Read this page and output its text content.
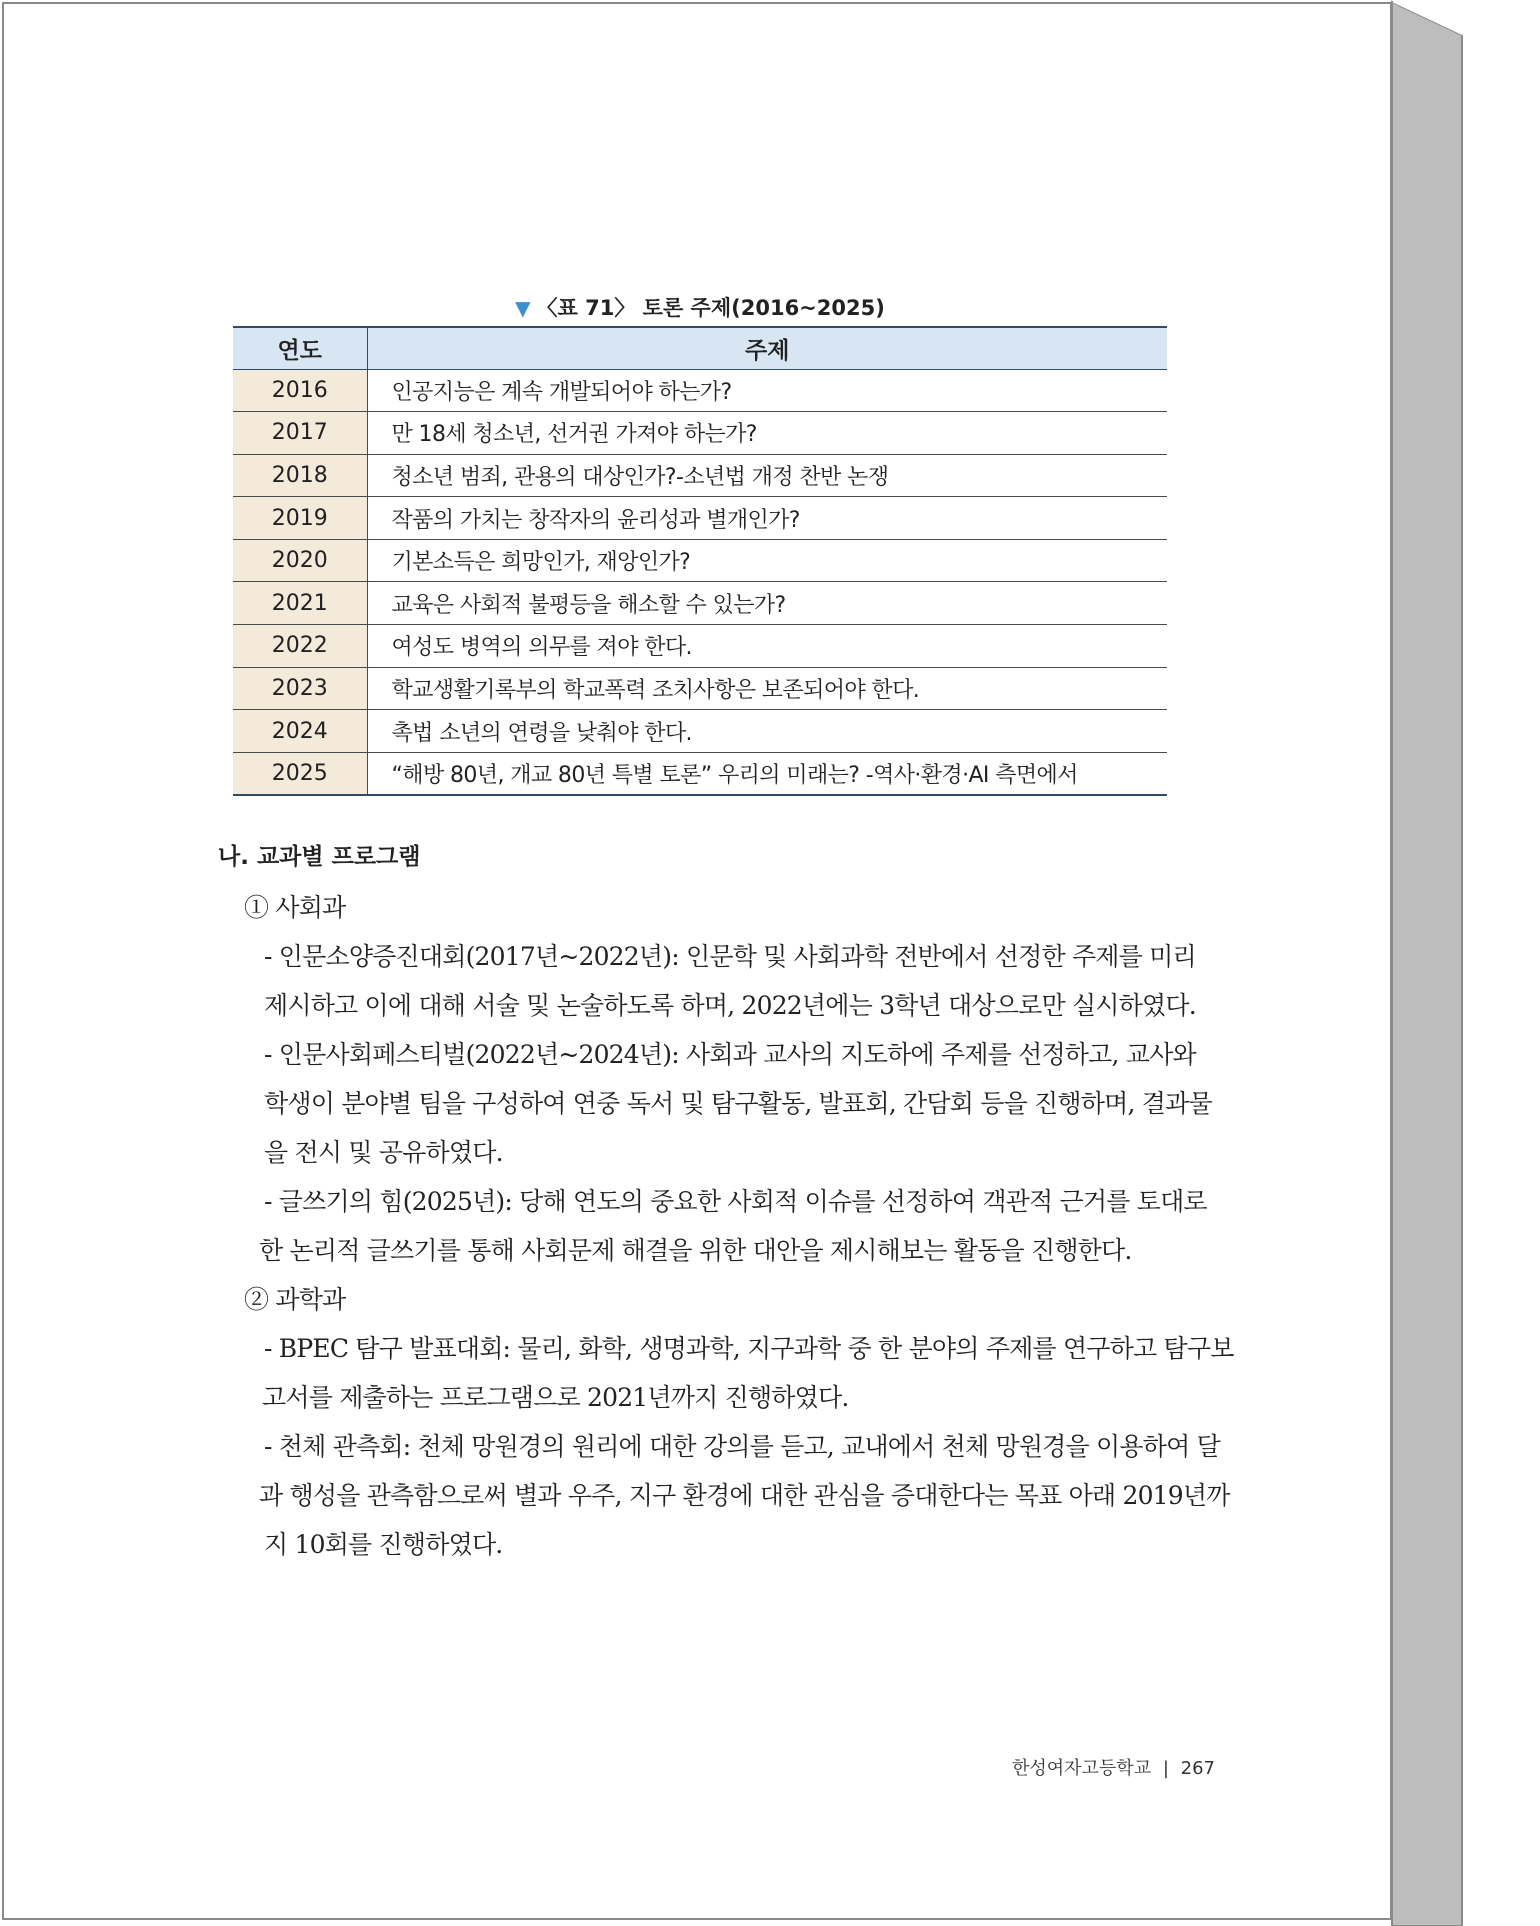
▼ 〈표 71〉 토론 주제(2016~2025)
연도	주제
2016	인공지능은 계속 개발되어야 하는가?
2017	만 18세 청소년, 선거권 가져야 하는가?
2018	청소년 범죄, 관용의 대상인가?-소년법 개정 찬반 논쟁
2019	작품의 가치는 창작자의 윤리성과 별개인가?
2020	기본소득은 희망인가, 재앙인가?
2021	교육은 사회적 불평등을 해소할 수 있는가?
2022	여성도 병역의 의무를 져야 한다.
2023	학교생활기록부의 학교폭력 조치사항은 보존되어야 한다.
2024	촉법 소년의 연령을 낮춰야 한다.
2025	“해방 80년, 개교 80년 특별 토론” 우리의 미래는? -역사·환경·AI 측면에서
나. 교과별 프로그램
① 사회과
- 인문소양증진대회(2017년~2022년): 인문학 및 사회과학 전반에서 선정한 주제를 미리
제시하고 이에 대해 서술 및 논술하도록 하며, 2022년에는 3학년 대상으로만 실시하였다.
- 인문사회페스티벌(2022년~2024년): 사회과 교사의 지도하에 주제를 선정하고, 교사와
학생이 분야별 팀을 구성하여 연중 독서 및 탐구활동, 발표회, 간담회 등을 진행하며, 결과물
을 전시 및 공유하였다.
- 글쓰기의 힘(2025년): 당해 연도의 중요한 사회적 이슈를 선정하여 객관적 근거를 토대로
한 논리적 글쓰기를 통해 사회문제 해결을 위한 대안을 제시해보는 활동을 진행한다.
② 과학과
- BPEC 탐구 발표대회: 물리, 화학, 생명과학, 지구과학 중 한 분야의 주제를 연구하고 탐구보
고서를 제출하는 프로그램으로 2021년까지 진행하였다.
- 천체 관측회: 천체 망원경의 원리에 대한 강의를 듣고, 교내에서 천체 망원경을 이용하여 달
과 행성을 관측함으로써 별과 우주, 지구 환경에 대한 관심을 증대한다는 목표 아래 2019년까
지 10회를 진행하였다.
한성여자고등학교 | 267
